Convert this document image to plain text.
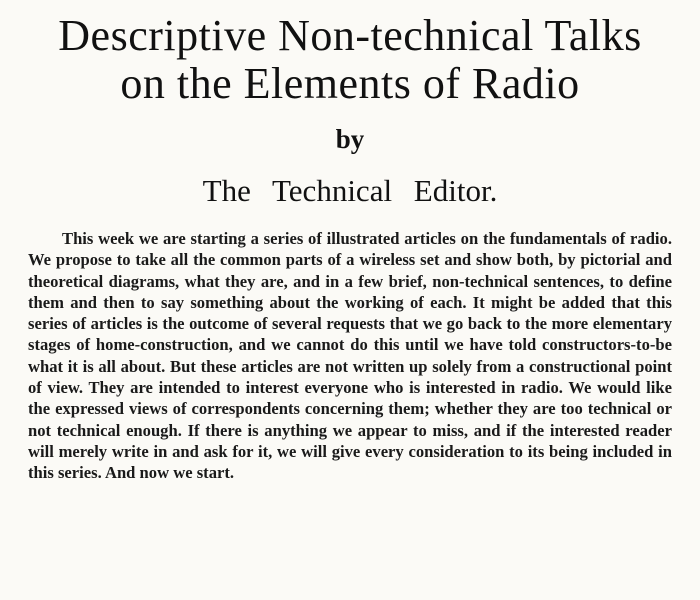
Descriptive Non-technical Talks
on the Elements of Radio
by
The Technical Editor.

This week we are starting a series of illustrated articles on the fundamentals of radio. We propose to take all the common parts of a wireless set and show both, by pictorial and theoretical diagrams, what they are, and in a few brief, non-technical sentences, to define them and then to say something about the working of each. It might be added that this series of articles is the outcome of several requests that we go back to the more elementary stages of home-construction, and we cannot do this until we have told constructors-to-be what it is all about. But these articles are not written up solely from a constructional point of view. They are intended to interest everyone who is interested in radio. We would like the expressed views of correspondents concerning them; whether they are too technical or not technical enough. If there is anything we appear to miss, and if the interested reader will merely write in and ask for it, we will give every consideration to its being included in this series. And now we start.
